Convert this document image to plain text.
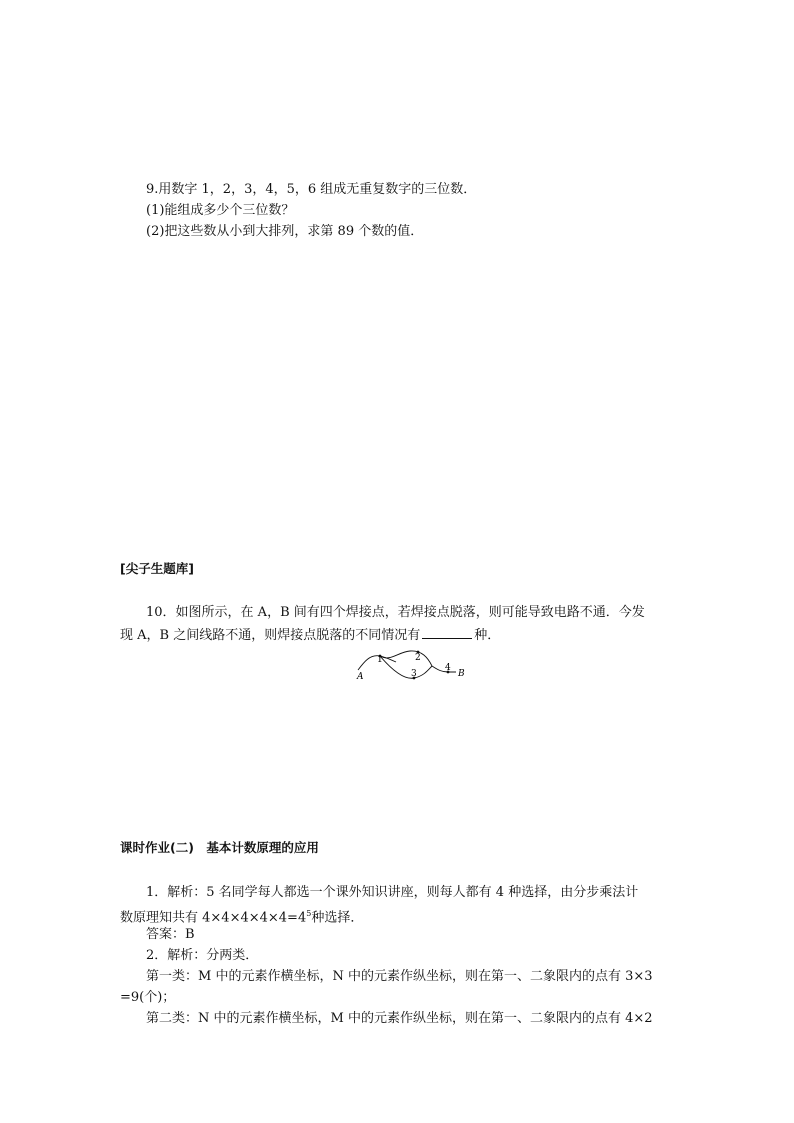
9.用数字 1，2，3，4，5，6 组成无重复数字的三位数．
(1)能组成多少个三位数？
(2)把这些数从小到大排列，求第 89 个数的值．
[尖子生题库]
10．如图所示，在 A，B 间有四个焊接点，若焊接点脱落，则可能导致电路不通．今发
现 A，B 之间线路不通，则焊接点脱落的不同情况有	种．
A	B
1	2
3
4
课时作业(二)　基本计数原理的应用
1．解析：5 名同学每人都选一个课外知识讲座，则每人都有 4 种选择，由分步乘法计
数原理知共有 $4\times 4\times 4\times 4\times 4=4^5$种选择．
答案：B
2．解析：分两类．
第一类：M 中的元素作横坐标，N 中的元素作纵坐标，则在第一、二象限内的点有 3×3
=9(个)；
第二类：N 中的元素作横坐标，M 中的元素作纵坐标，则在第一、二象限内的点有 4×2
